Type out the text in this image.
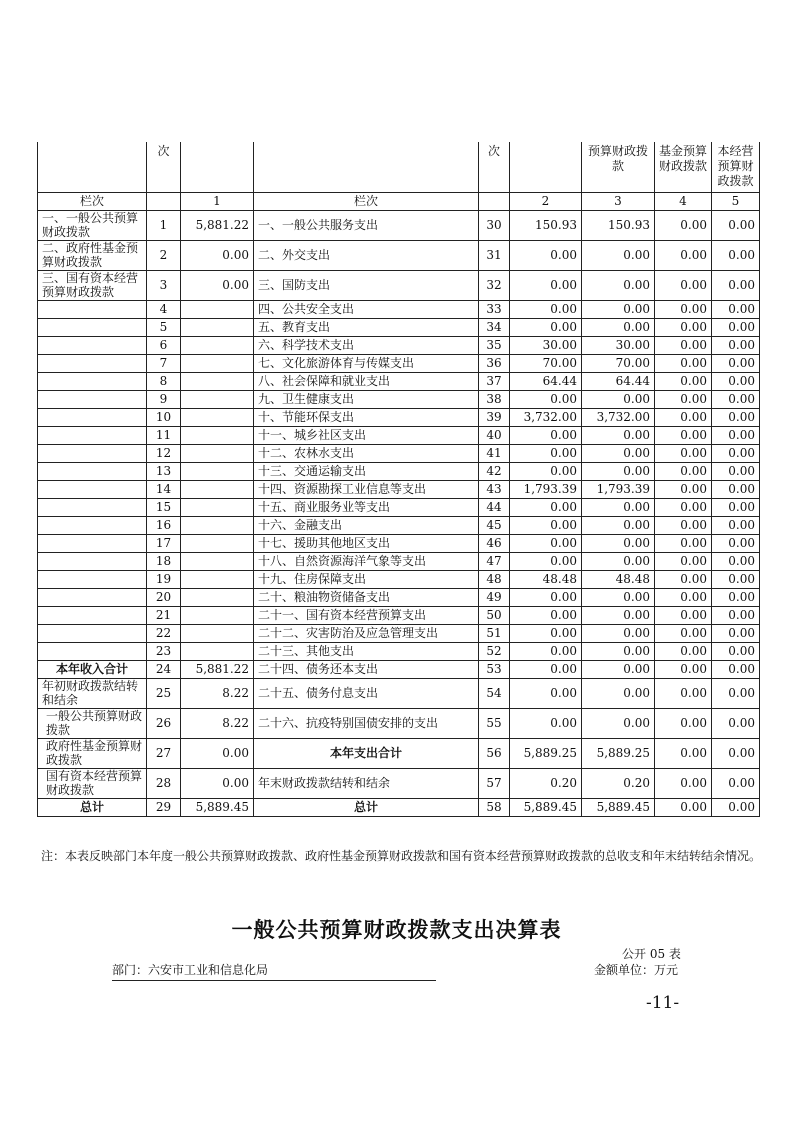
	次			次		预算财政拨款	基金预算财政拨款	本经营预算财政拨款
栏次		1	栏次		2	3	4	5
一、一般公共预算财政拨款	1	5,881.22	一、一般公共服务支出	30	150.93	150.93	0.00	0.00
二、政府性基金预算财政拨款	2	0.00	二、外交支出	31	0.00	0.00	0.00	0.00
三、国有资本经营预算财政拨款	3	0.00	三、国防支出	32	0.00	0.00	0.00	0.00
	4		四、公共安全支出	33	0.00	0.00	0.00	0.00
	5		五、教育支出	34	0.00	0.00	0.00	0.00
	6		六、科学技术支出	35	30.00	30.00	0.00	0.00
	7		七、文化旅游体育与传媒支出	36	70.00	70.00	0.00	0.00
	8		八、社会保障和就业支出	37	64.44	64.44	0.00	0.00
	9		九、卫生健康支出	38	0.00	0.00	0.00	0.00
	10		十、节能环保支出	39	3,732.00	3,732.00	0.00	0.00
	11		十一、城乡社区支出	40	0.00	0.00	0.00	0.00
	12		十二、农林水支出	41	0.00	0.00	0.00	0.00
	13		十三、交通运输支出	42	0.00	0.00	0.00	0.00
	14		十四、资源勘探工业信息等支出	43	1,793.39	1,793.39	0.00	0.00
	15		十五、商业服务业等支出	44	0.00	0.00	0.00	0.00
	16		十六、金融支出	45	0.00	0.00	0.00	0.00
	17		十七、援助其他地区支出	46	0.00	0.00	0.00	0.00
	18		十八、自然资源海洋气象等支出	47	0.00	0.00	0.00	0.00
	19		十九、住房保障支出	48	48.48	48.48	0.00	0.00
	20		二十、粮油物资储备支出	49	0.00	0.00	0.00	0.00
	21		二十一、国有资本经营预算支出	50	0.00	0.00	0.00	0.00
	22		二十二、灾害防治及应急管理支出	51	0.00	0.00	0.00	0.00
	23		二十三、其他支出	52	0.00	0.00	0.00	0.00
本年收入合计	24	5,881.22	二十四、债务还本支出	53	0.00	0.00	0.00	0.00
年初财政拨款结转和结余	25	8.22	二十五、债务付息支出	54	0.00	0.00	0.00	0.00
一般公共预算财政拨款	26	8.22	二十六、抗疫特别国债安排的支出	55	0.00	0.00	0.00	0.00
政府性基金预算财政拨款	27	0.00	本年支出合计	56	5,889.25	5,889.25	0.00	0.00
国有资本经营预算财政拨款	28	0.00	年末财政拨款结转和结余	57	0.20	0.20	0.00	0.00
总计	29	5,889.45	总计	58	5,889.45	5,889.45	0.00	0.00
注：本表反映部门本年度一般公共预算财政拨款、政府性基金预算财政拨款和国有资本经营预算财政拨款的总收支和年末结转结余情况。
一般公共预算财政拨款支出决算表
公开 05 表
部门：六安市工业和信息化局	金额单位：万元
-11-
